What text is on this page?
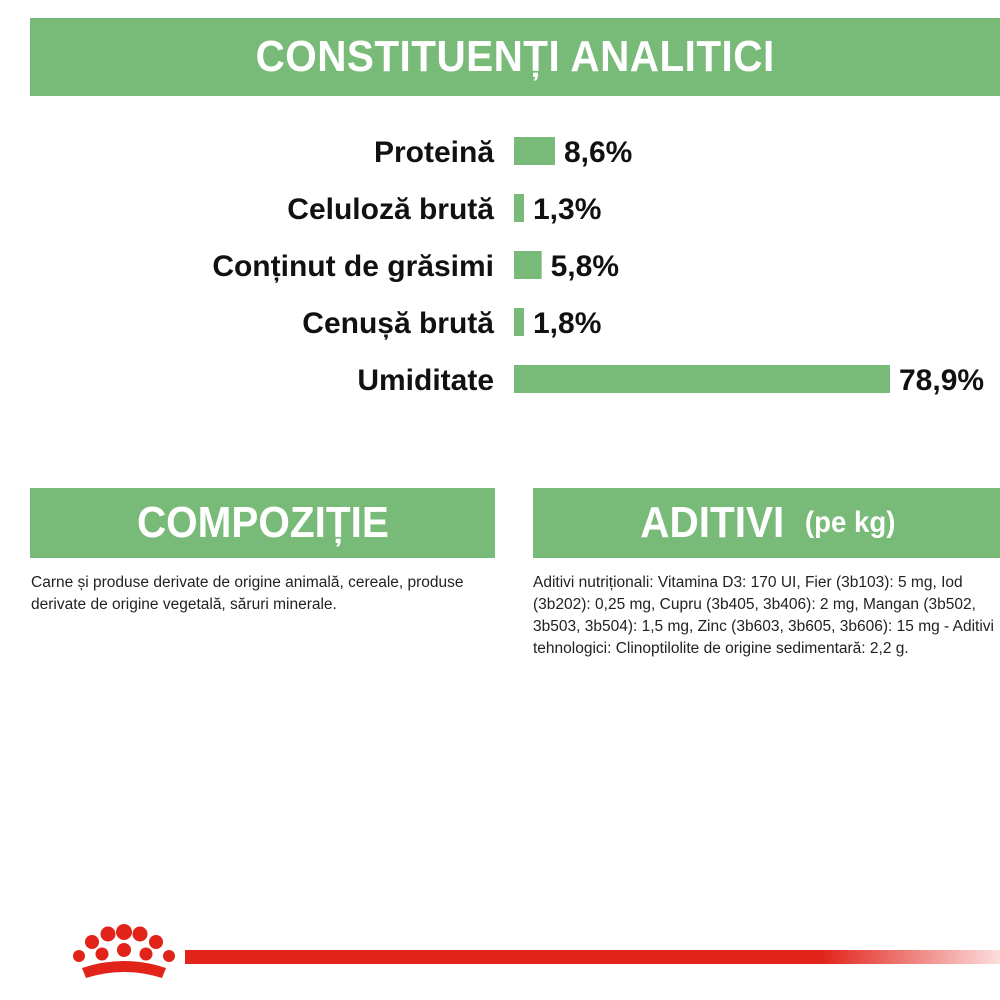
CONSTITUENȚI ANALITICI
Proteină 8,6%
Celuloză brută 1,3%
Conținut de grăsimi 5,8%
Cenușă brută 1,8%
Umiditate	78,9%
COMPOZIȚIE	ADITIVI (pe kg)

Carne și produse derivate de origine animală, cereale, produse derivate de origine vegetală, săruri minerale.

Aditivi nutriționali: Vitamina D3: 170 UI, Fier (3b103): 5 mg, Iod (3b202): 0,25 mg, Cupru (3b405, 3b406): 2 mg, Mangan (3b502, 3b503, 3b504): 1,5 mg, Zinc (3b603, 3b605, 3b606): 15 mg - Aditivi tehnologici: Clinoptilolite de origine sedimentară: 2,2 g.
